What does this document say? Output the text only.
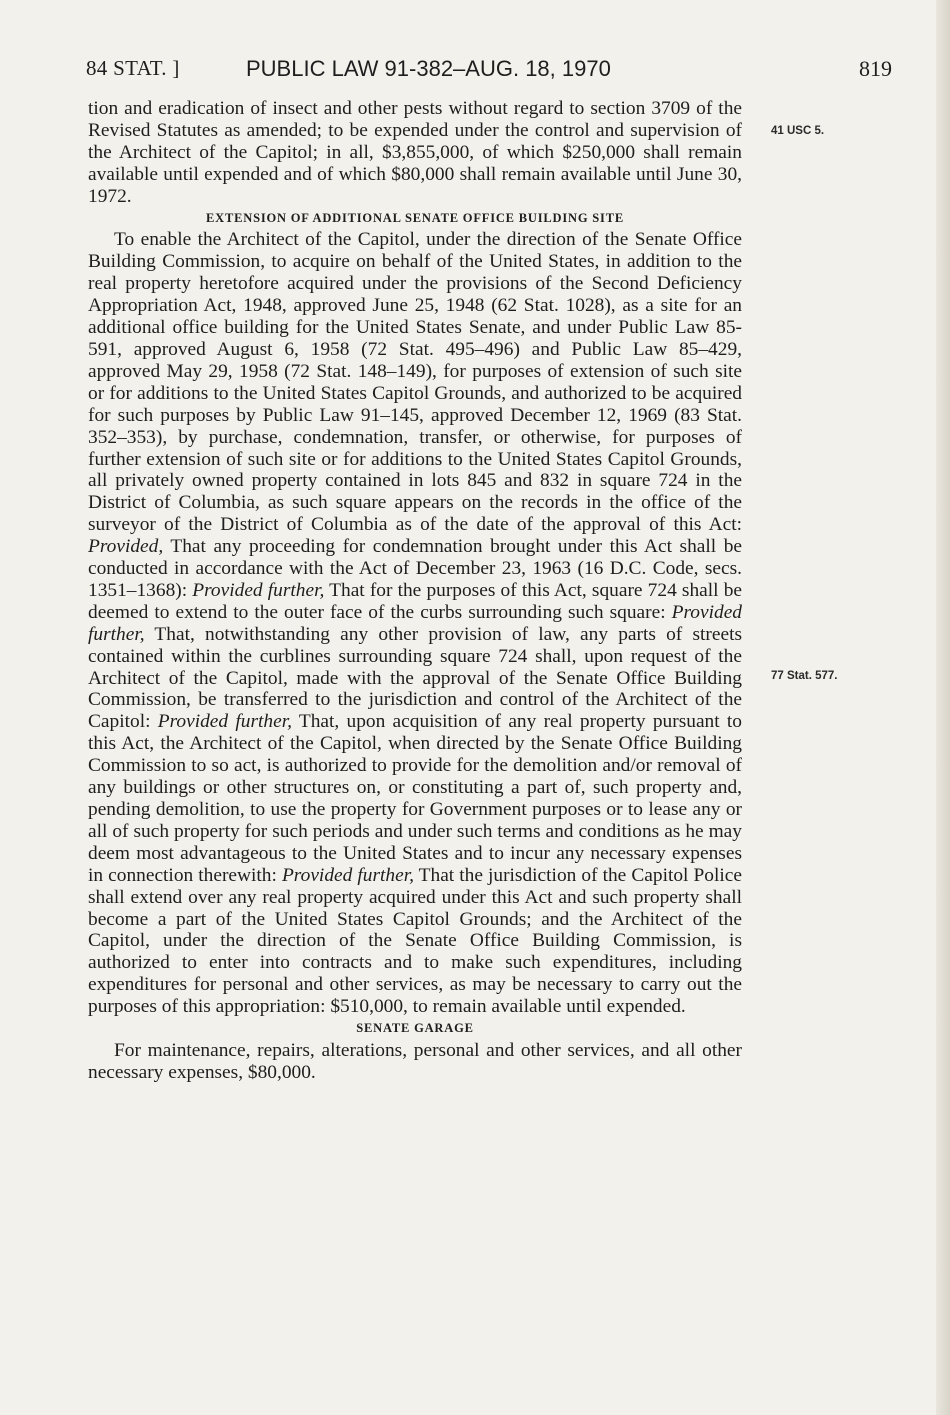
84 STAT. ]	PUBLIC LAW 91-382–AUG. 18, 1970	819

tion and eradication of insect and other pests without regard to section 3709 of the Revised Statutes as amended; to be expended under the control and supervision of the Architect of the Capitol; in all, $3,855,000, of which $250,000 shall remain available until expended and of which $80,000 shall remain available until June 30, 1972.

EXTENSION OF ADDITIONAL SENATE OFFICE BUILDING SITE

To enable the Architect of the Capitol, under the direction of the Senate Office Building Commission, to acquire on behalf of the United States, in addition to the real property heretofore acquired under the provisions of the Second Deficiency Appropriation Act, 1948, approved June 25, 1948 (62 Stat. 1028), as a site for an additional office building for the United States Senate, and under Public Law 85-591, approved August 6, 1958 (72 Stat. 495–496) and Public Law 85–429, approved May 29, 1958 (72 Stat. 148–149), for purposes of extension of such site or for additions to the United States Capitol Grounds, and authorized to be acquired for such purposes by Public Law 91–145, approved December 12, 1969 (83 Stat. 352–353), by purchase, condemnation, transfer, or otherwise, for purposes of further extension of such site or for additions to the United States Capitol Grounds, all privately owned property contained in lots 845 and 832 in square 724 in the District of Columbia, as such square appears on the records in the office of the surveyor of the District of Columbia as of the date of the approval of this Act: Provided, That any proceeding for condemnation brought under this Act shall be conducted in accordance with the Act of December 23, 1963 (16 D.C. Code, secs. 1351–1368): Provided further, That for the purposes of this Act, square 724 shall be deemed to extend to the outer face of the curbs surrounding such square: Provided further, That, notwithstanding any other provision of law, any parts of streets contained within the curblines surrounding square 724 shall, upon request of the Architect of the Capitol, made with the approval of the Senate Office Building Commission, be transferred to the jurisdiction and control of the Architect of the Capitol: Provided further, That, upon acquisition of any real property pursuant to this Act, the Architect of the Capitol, when directed by the Senate Office Building Commission to so act, is authorized to provide for the demolition and/or removal of any buildings or other structures on, or constituting a part of, such property and, pending demolition, to use the property for Government purposes or to lease any or all of such property for such periods and under such terms and conditions as he may deem most advantageous to the United States and to incur any necessary expenses in connection therewith: Provided further, That the jurisdiction of the Capitol Police shall extend over any real property acquired under this Act and such property shall become a part of the United States Capitol Grounds; and the Architect of the Capitol, under the direction of the Senate Office Building Commission, is authorized to enter into contracts and to make such expenditures, including expenditures for personal and other services, as may be necessary to carry out the purposes of this appropriation: $510,000, to remain available until expended.

SENATE GARAGE

For maintenance, repairs, alterations, personal and other services, and all other necessary expenses, $80,000.

41 USC 5.
77 Stat. 577.
